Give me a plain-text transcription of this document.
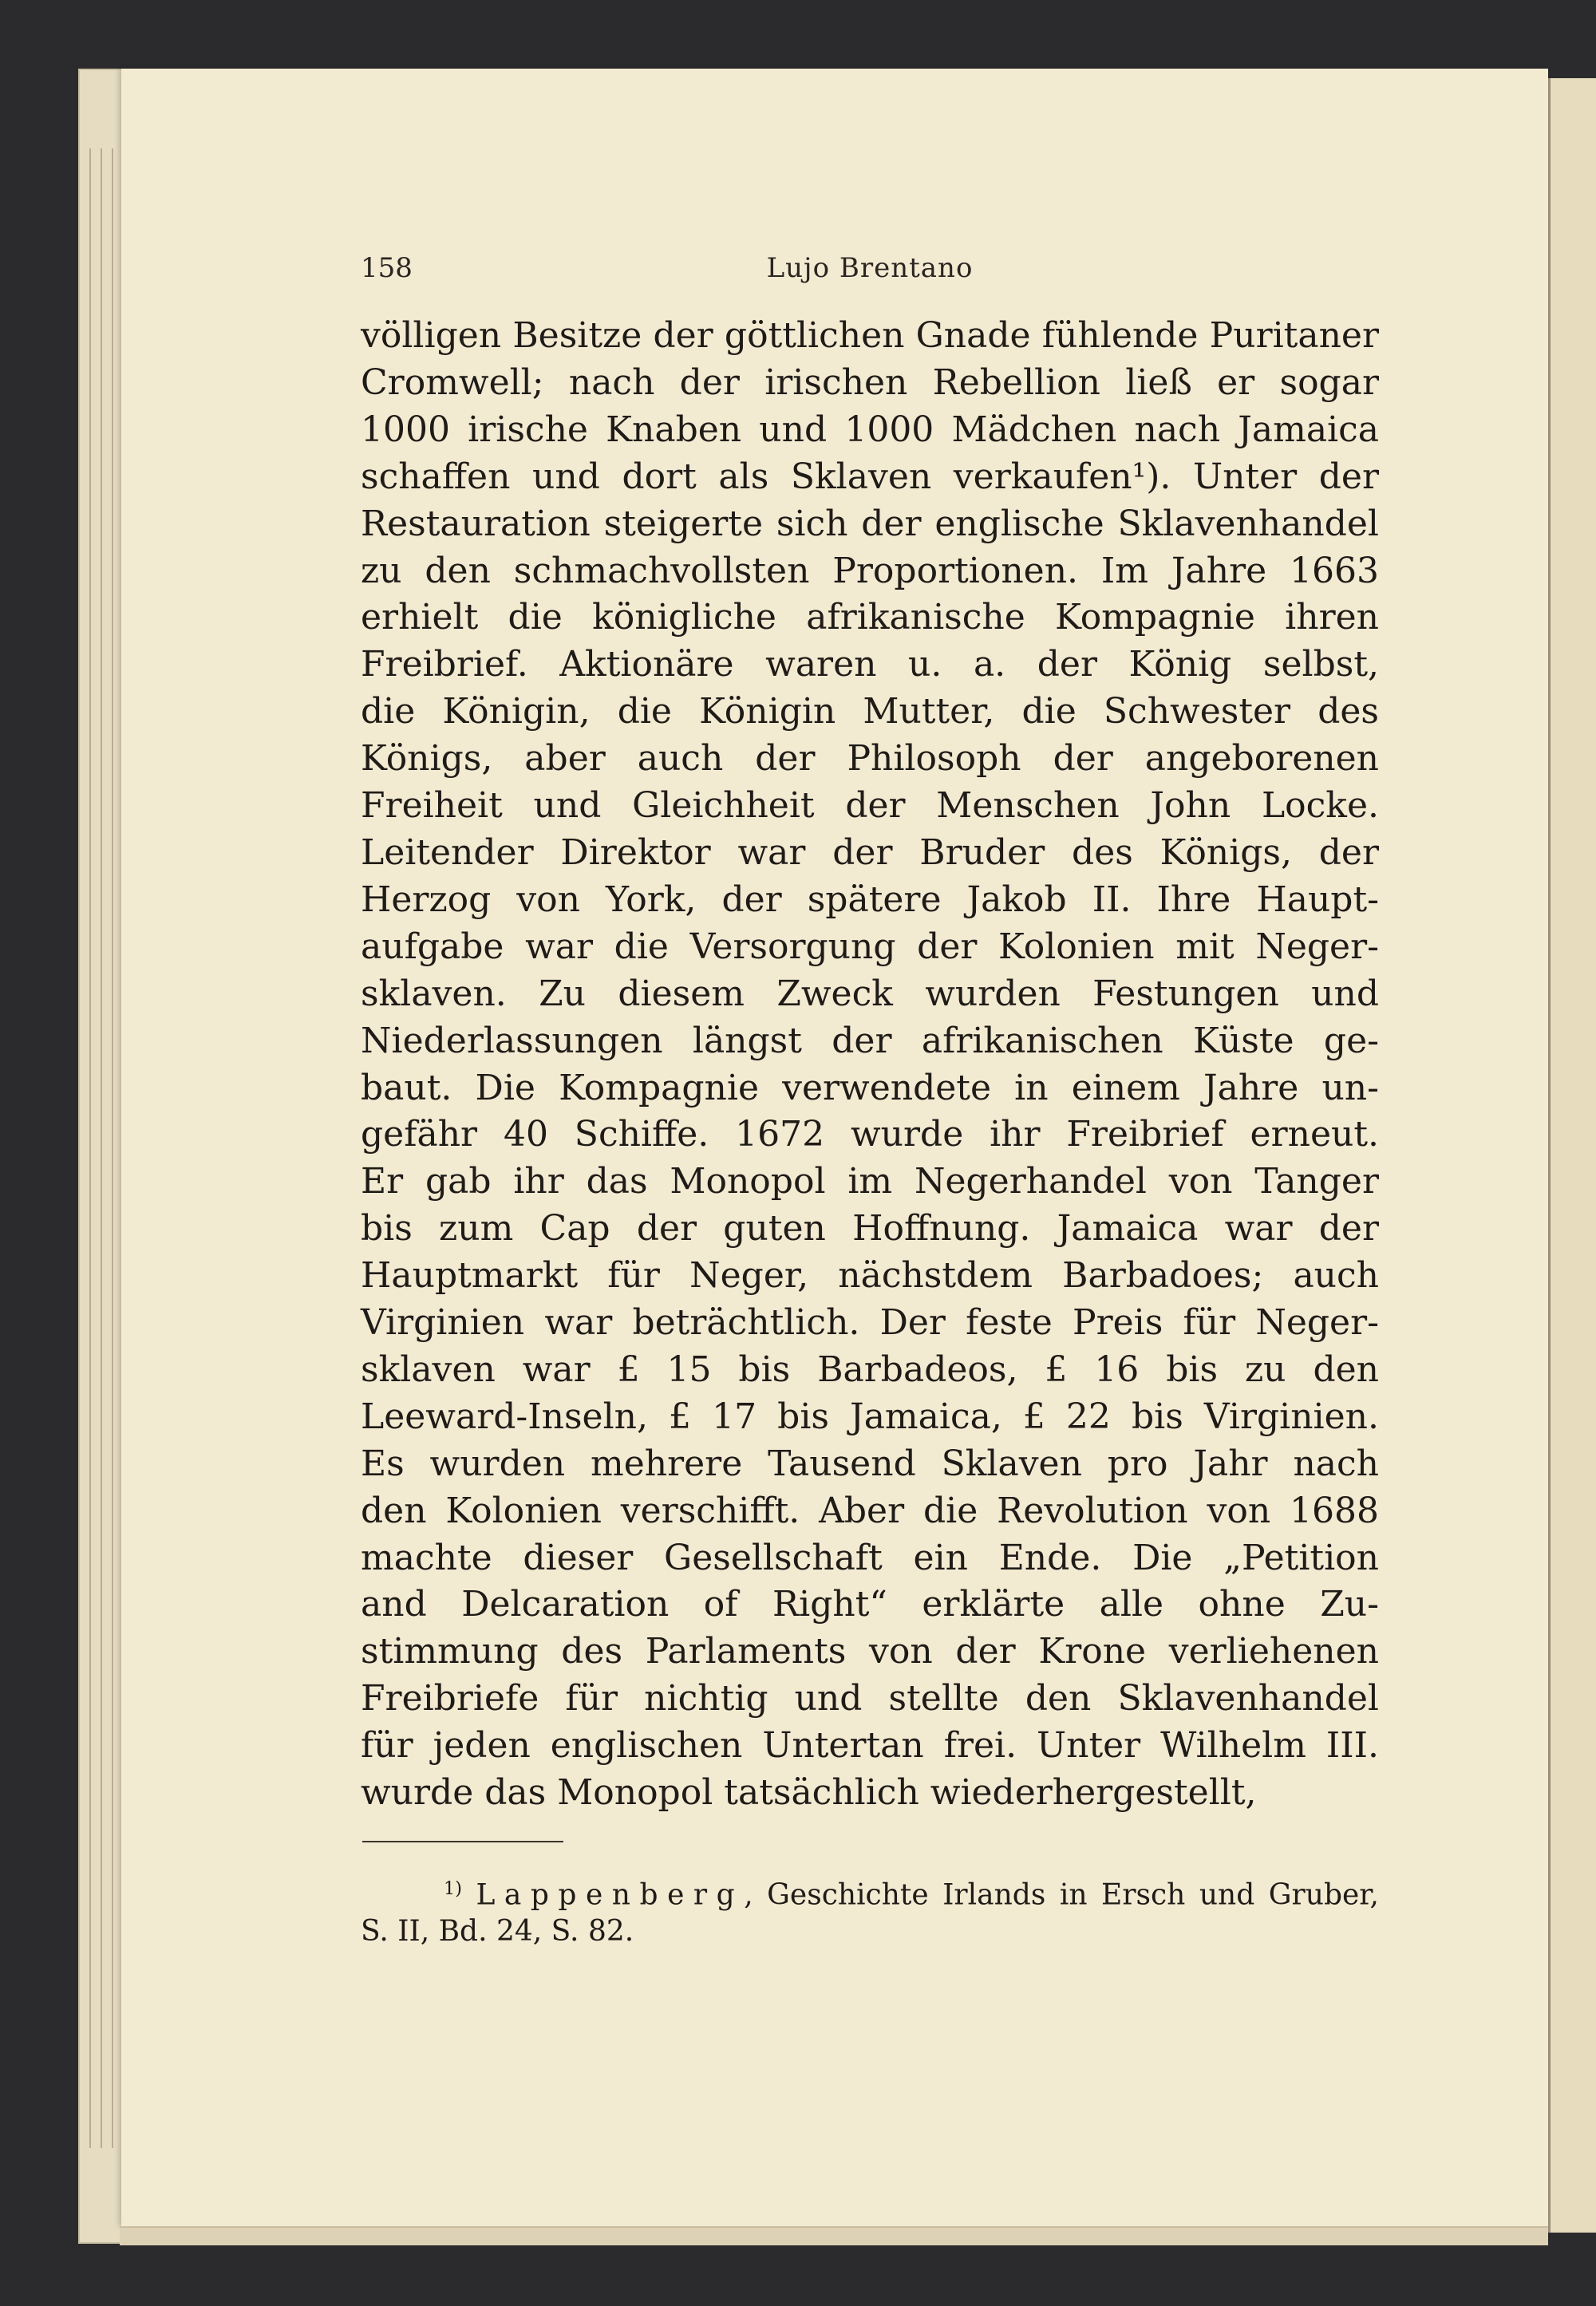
158	Lujo Brentano
völligen Besitze der göttlichen Gnade fühlende Puritaner
Cromwell; nach der irischen Rebellion ließ er sogar
1000 irische Knaben und 1000 Mädchen nach Jamaica
schaffen und dort als Sklaven verkaufen¹). Unter der
Restauration steigerte sich der englische Sklavenhandel
zu den schmachvollsten Proportionen. Im Jahre 1663
erhielt die königliche afrikanische Kompagnie ihren
Freibrief. Aktionäre waren u. a. der König selbst,
die Königin, die Königin Mutter, die Schwester des
Königs, aber auch der Philosoph der angeborenen
Freiheit und Gleichheit der Menschen John Locke.
Leitender Direktor war der Bruder des Königs, der
Herzog von York, der spätere Jakob II. Ihre Haupt-
aufgabe war die Versorgung der Kolonien mit Neger-
sklaven. Zu diesem Zweck wurden Festungen und
Niederlassungen längst der afrikanischen Küste ge-
baut. Die Kompagnie verwendete in einem Jahre un-
gefähr 40 Schiffe. 1672 wurde ihr Freibrief erneut.
Er gab ihr das Monopol im Negerhandel von Tanger
bis zum Cap der guten Hoffnung. Jamaica war der
Hauptmarkt für Neger, nächstdem Barbadoes; auch
Virginien war beträchtlich. Der feste Preis für Neger-
sklaven war £ 15 bis Barbadeos, £ 16 bis zu den
Leeward-Inseln, £ 17 bis Jamaica, £ 22 bis Virginien.
Es wurden mehrere Tausend Sklaven pro Jahr nach
den Kolonien verschifft. Aber die Revolution von 1688
machte dieser Gesellschaft ein Ende. Die „Petition
and Delcaration of Right“ erklärte alle ohne Zu-
stimmung des Parlaments von der Krone verliehenen
Freibriefe für nichtig und stellte den Sklavenhandel
für jeden englischen Untertan frei. Unter Wilhelm III.
wurde das Monopol tatsächlich wiederhergestellt,
$^{1)}$ Lappenberg, Geschichte Irlands in Ersch und Gruber,
S. II, Bd. 24, S. 82.
